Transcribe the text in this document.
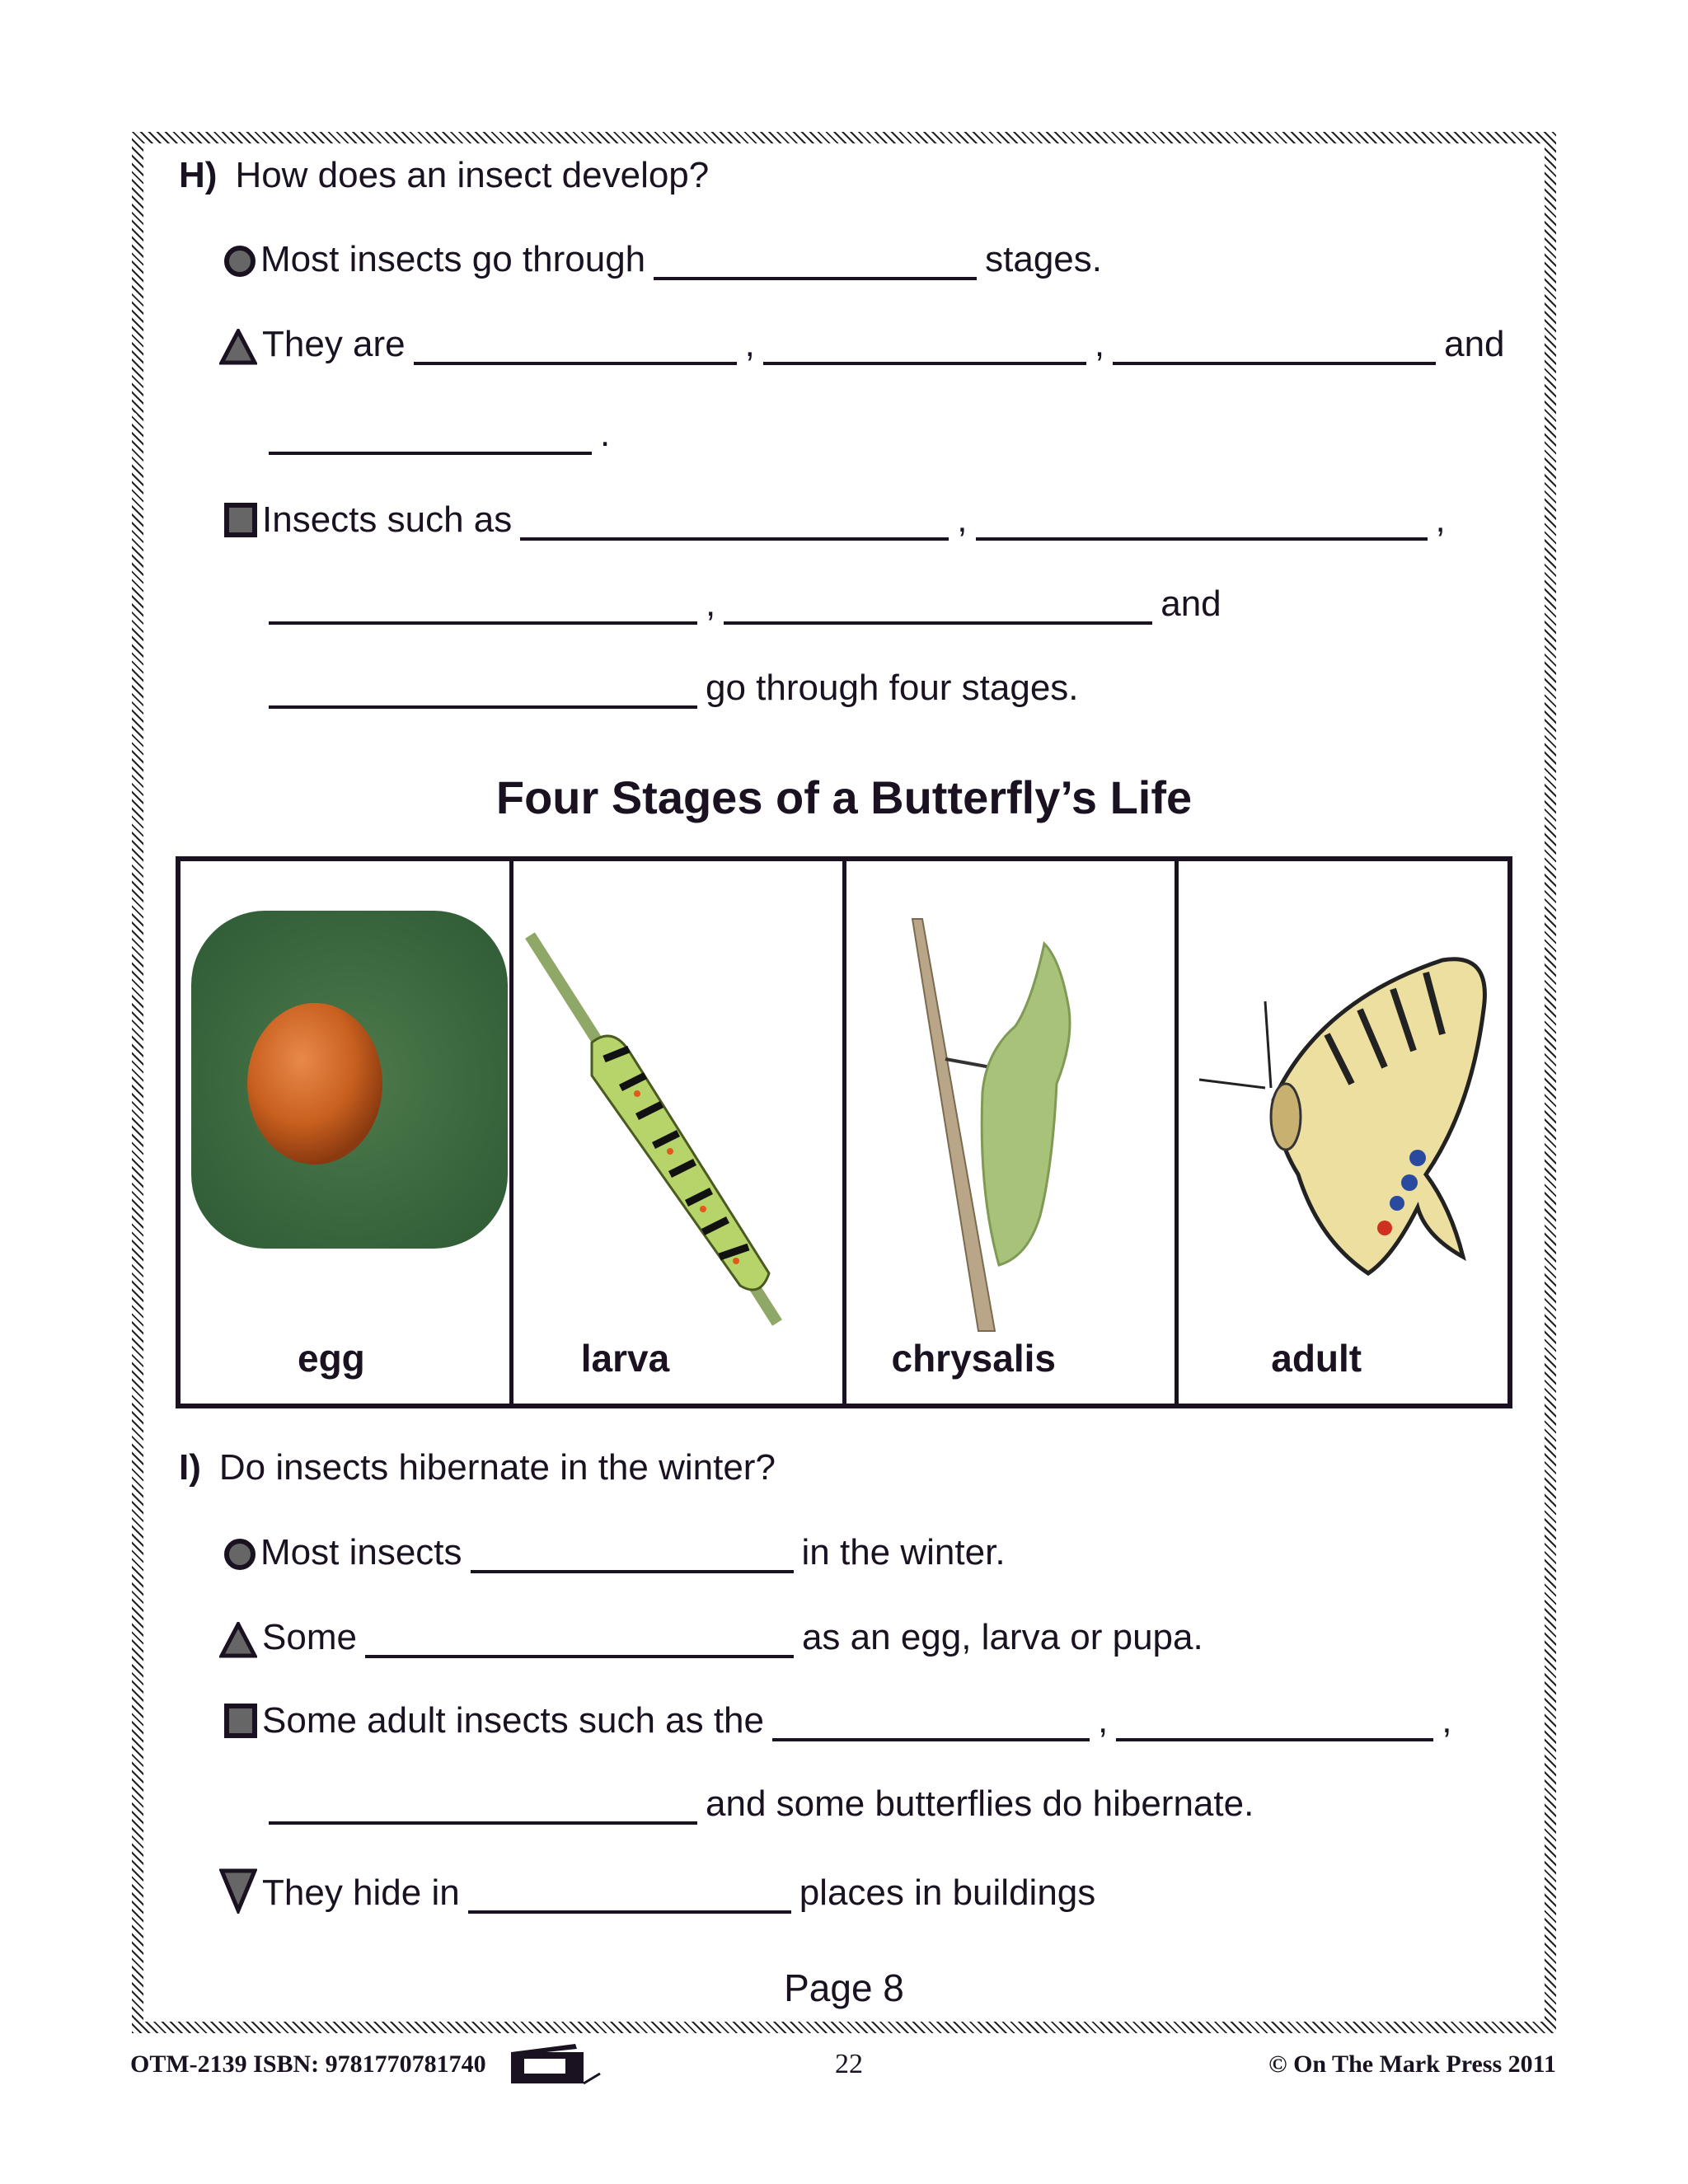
H) How does an insect develop?
Most insects go through	stages.
They are	,	,	and
.
Insects such as	,	,
,	and
go through four stages.
Four Stages of a Butterfly’s Life
egg	larva	chrysalis	adult
I) Do insects hibernate in the winter?
Most insects	in the winter.
Some	as an egg, larva or pupa.
Some adult insects such as the	,	,
and some butterflies do hibernate.
They hide in	places in buildings
Page 8
OTM-2139 ISBN: 9781770781740	22	© On The Mark Press 2011
